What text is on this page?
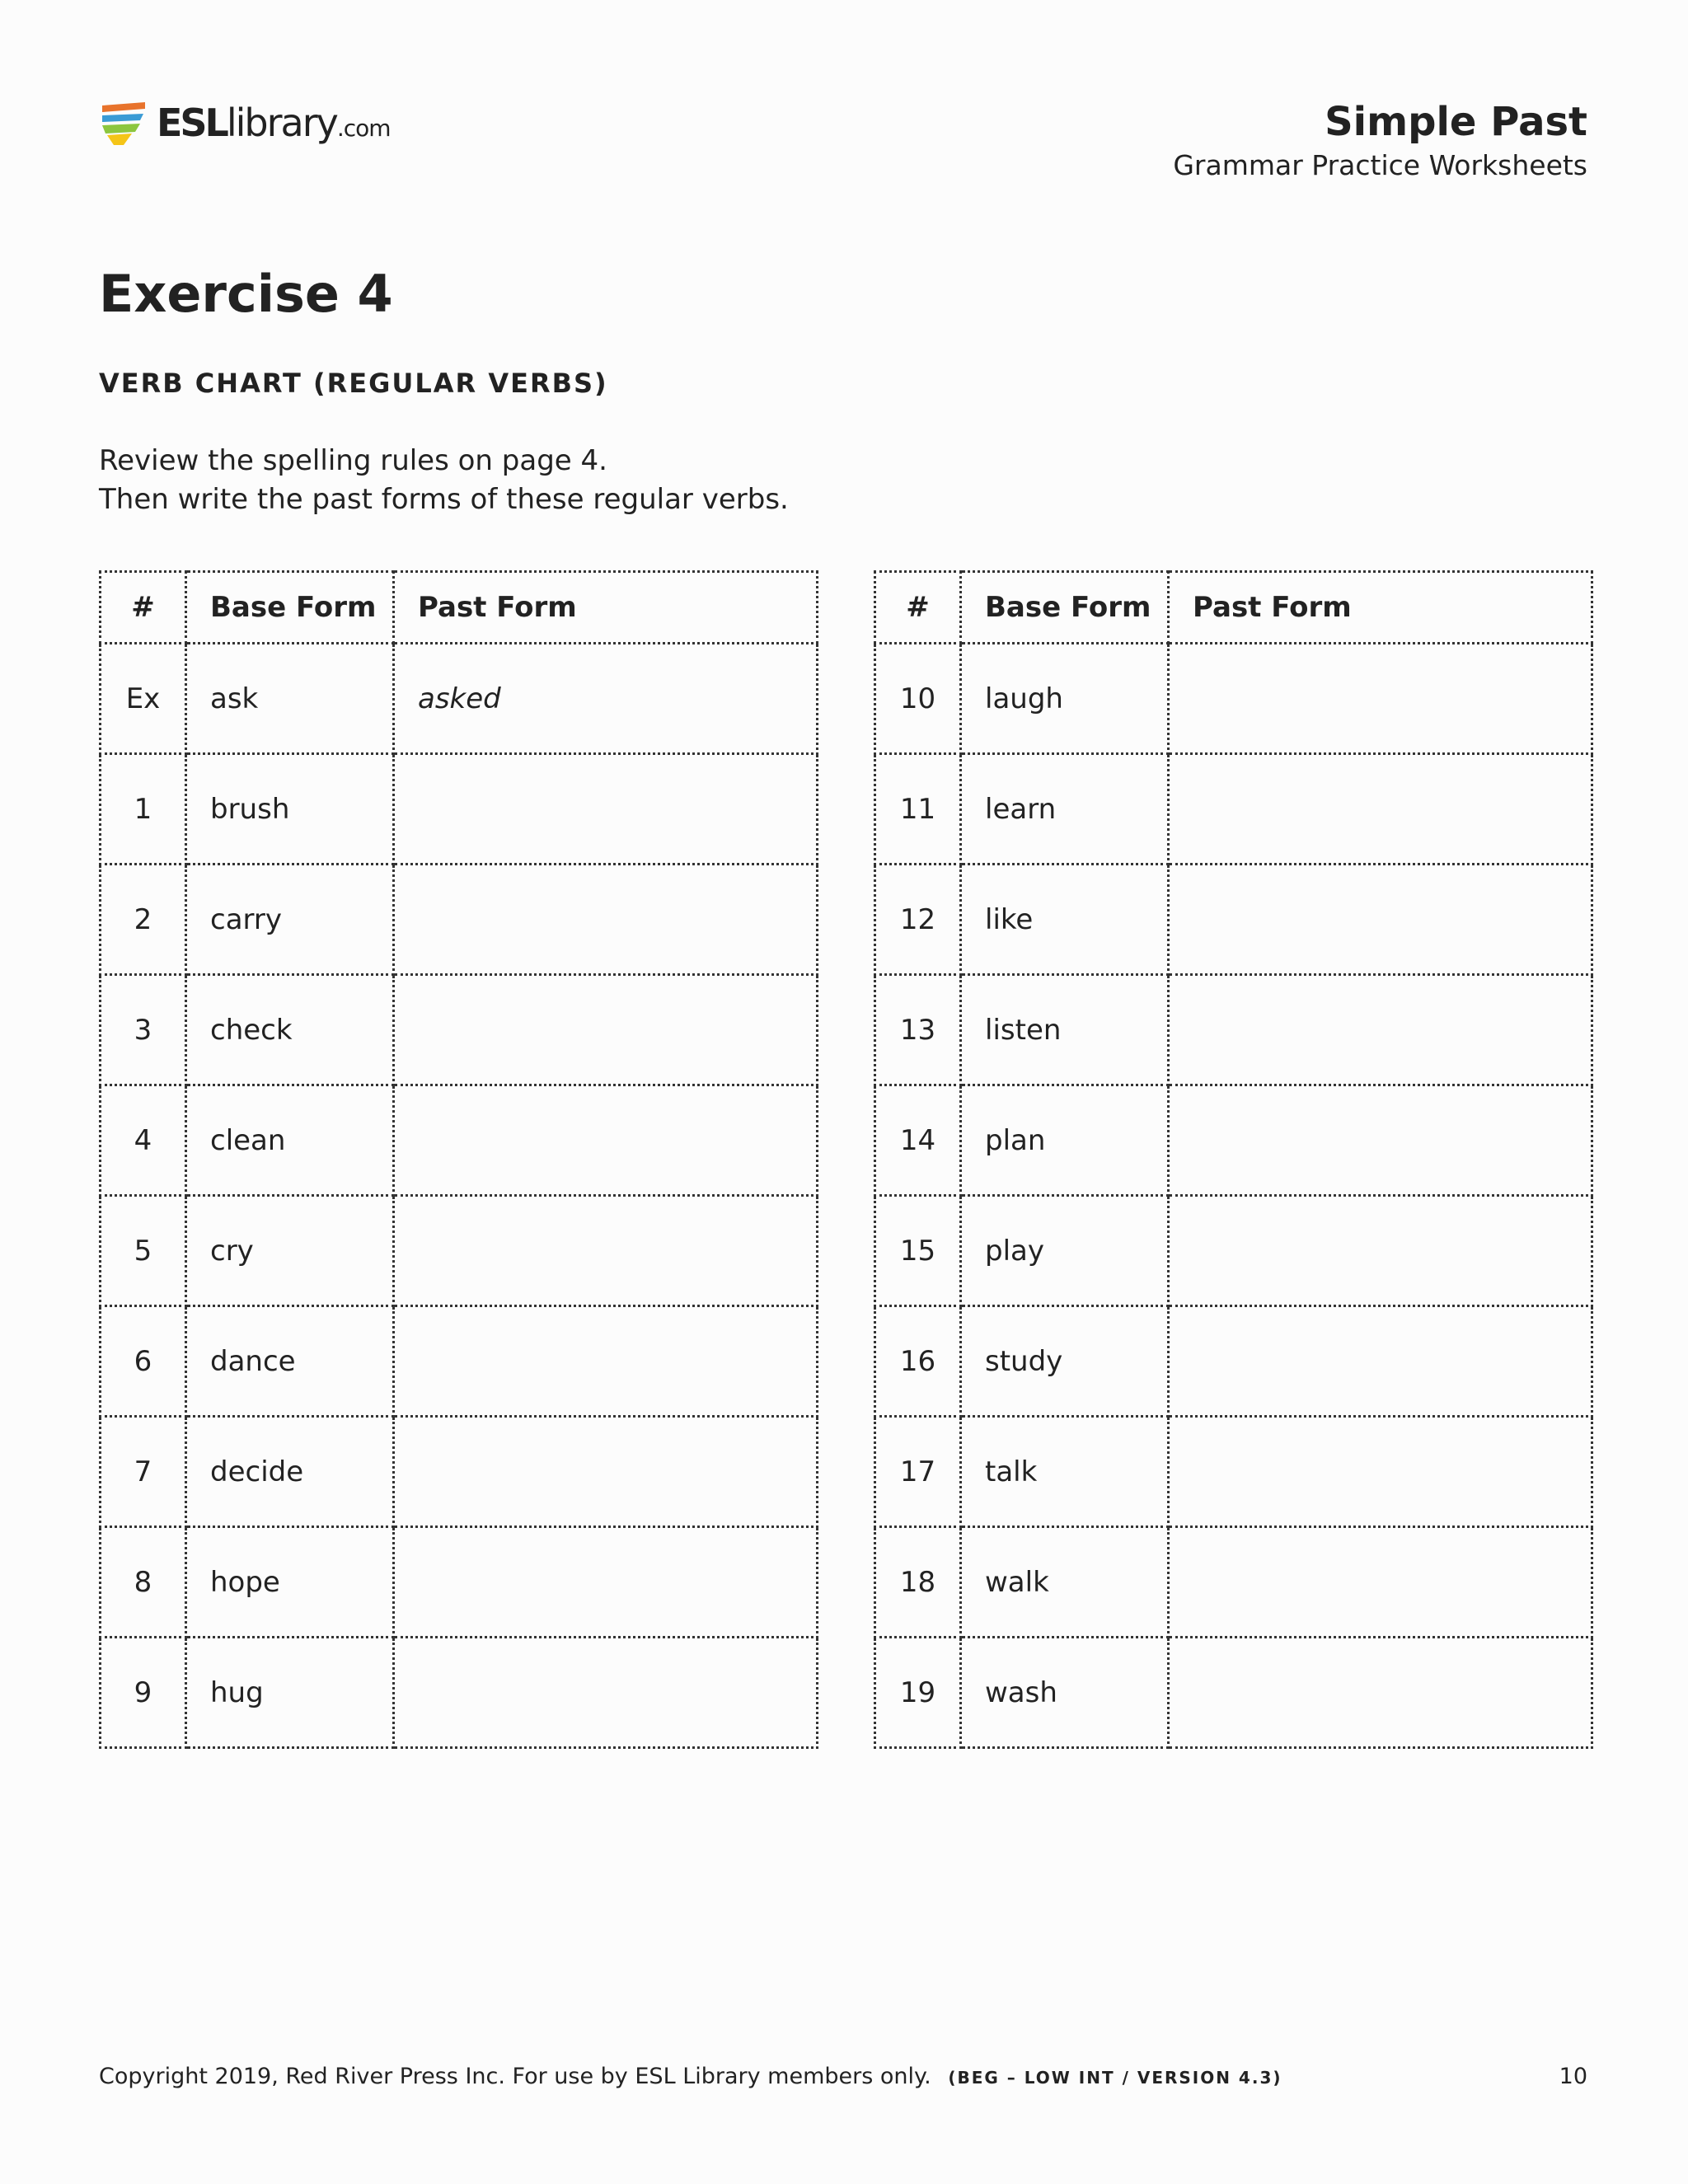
ESLlibrary.com	Simple Past
Grammar Practice Worksheets
Exercise 4
VERB CHART (REGULAR VERBS)
Review the spelling rules on page 4.
Then write the past forms of these regular verbs.
#	Base Form	Past Form
Ex	ask	asked
1	brush	
2	carry	
3	check	
4	clean	
5	cry	
6	dance	
7	decide	
8	hope	
9	hug	
#	Base Form	Past Form
10	laugh	
11	learn	
12	like	
13	listen	
14	plan	
15	play	
16	study	
17	talk	
18	walk	
19	wash	
Copyright 2019, Red River Press Inc. For use by ESL Library members only. (BEG – LOW INT / VERSION 4.3)	10
